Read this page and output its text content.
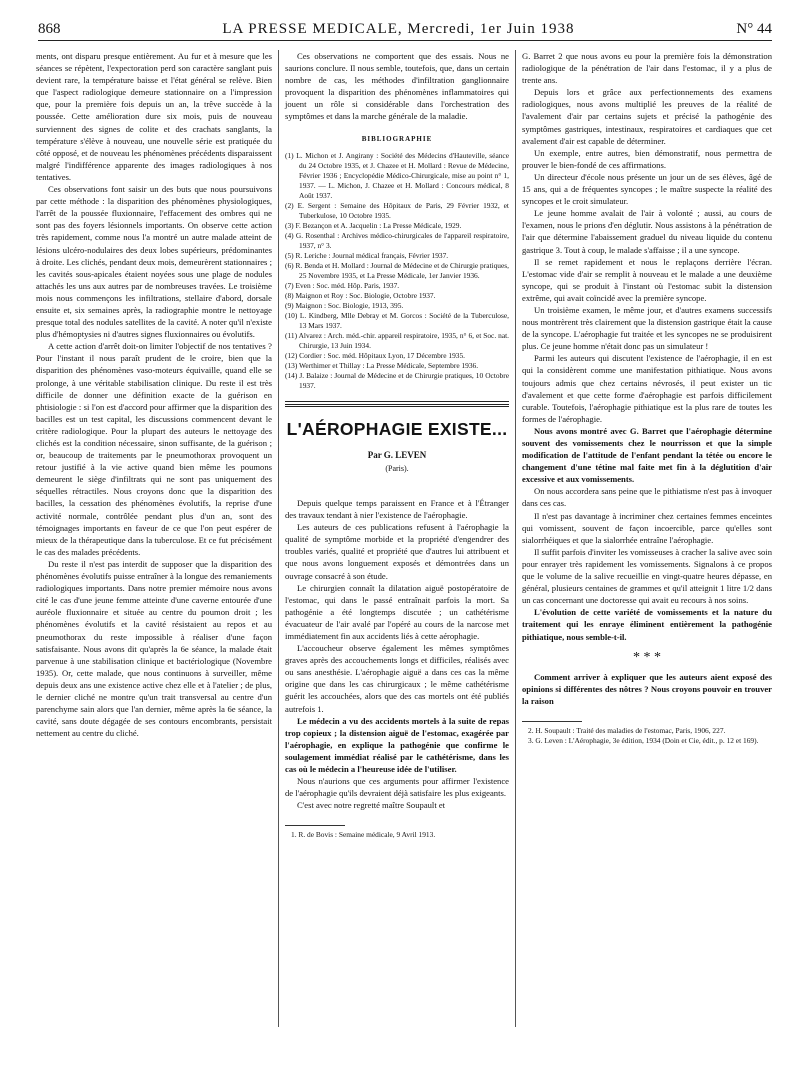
868	LA PRESSE MEDICALE, Mercredi, 1er Juin 1938	N° 44

ments, ont disparu presque entièrement. Au fur et à mesure que les séances se répètent, l'expectoration perd son caractère sanglant puis devient rare, la température baisse et l'état général se relève. Bien que l'aspect radiologique demeure stationnaire on a l'impression que, pour la première fois depuis un an, la trêve succède à la poussée. Cette amélioration dure six mois, puis de nouveau surviennent des signes de colite et des crachats sanglants, la température s'élève à nouveau, une nouvelle série est pratiquée du côté opposé, et de nouveau les phénomènes précédents disparaissent malgré l'indifférence apparente des images radiologiques à nos tentatives.

Ces observations font saisir un des buts que nous poursuivons par cette méthode : la disparition des phénomènes physiologiques, l'arrêt de la poussée fluxionnaire, l'effacement des ombres qui ne sont pas des foyers lésionnels importants. On observe cette action très rapidement, comme nous l'a montré un autre malade atteint de lésions ulcéro-nodulaires des deux lobes supérieurs, prédominantes à droite. Les clichés, pendant deux mois, demeurèrent stationnaires ; les cavités sous-apicales étaient noyées sous une plage de nodules attachés les uns aux autres par de nombreuses travées. Le troisième mois nous commençons les infiltrations, stellaire d'abord, dorsale ensuite et, six semaines après, la radiographie montre le nettoyage presque total des nodules satellites de la cavité. A noter qu'il n'existe plus d'hémoptysies ni d'autres signes fluxionnaires ou évolutifs.

A cette action d'arrêt doit-on limiter l'objectif de nos tentatives ? Pour l'instant il nous paraît prudent de le croire, bien que la disparition des phénomènes vaso-moteurs équivaille, quand elle se prolonge, à une véritable stabilisation clinique. Du reste il est très difficile de donner une définition exacte de la guérison en phtisiologie : si l'on est d'accord pour affirmer que la disparition des bacilles est un test capital, les discussions commencent devant le critère radiologique. Pour la plupart des auteurs le nettoyage des clichés est la condition nécessaire, sinon suffisante, de la guérison ; or, beaucoup de traitements par le pneumothorax provoquent un retour justifié à la vie active quand bien même les poumons demeurent le siège d'infiltrats qui ne sont pas uniquement des séquelles rétractiles. Nous croyons donc que la disparition des bacilles, la cessation des phénomènes évolutifs, la reprise d'une activité normale, contrôlée pendant plus d'un an, sont des témoignages importants en faveur de ce que l'on peut espérer de mieux de la thérapeutique dans la tuberculose. Et ce fut précisément le cas des malades précédents.

Du reste il n'est pas interdit de supposer que la disparition des phénomènes évolutifs puisse entraîner à la longue des remaniements radiologiques importants. Dans notre premier mémoire nous avons cité le cas d'une jeune femme atteinte d'une caverne entourée d'une auréole fluxionnaire et située au centre du poumon droit ; les phénomènes évolutifs et la cavité résistaient au repos et au pneumothorax du reste impossible à réaliser d'une façon satisfaisante. Nous avons dit qu'après la 6e séance, la malade était parvenue à une stabilisation clinique et bactériologique (Novembre 1935). Or, cette malade, que nous continuons à surveiller, même depuis deux ans une existence active chez elle et à l'atelier ; de plus, le dernier cliché ne montre qu'un trait transversal au centre d'un parenchyme sain alors que l'an dernier, même après la 6e séance, la cavité, sans doute dégagée de ses contours encombrants, persistait nettement au centre du cliché.

Ces observations ne comportent que des essais. Nous ne saurions conclure. Il nous semble, toutefois, que, dans un certain nombre de cas, les méthodes d'infiltration ganglionnaire provoquent la disparition des phénomènes inflammatoires qui jouent un rôle si considérable dans l'orchestration des symptômes et dans la marche générale de la maladie.

BIBLIOGRAPHIE
(1) L. Michon et J. Angirany : Société des Médecins d'Hauteville, séance du 24 Octobre 1935, et J. Chazee et H. Mollard : Revue de Médecine, Février 1936 ; Encyclopédie Médico-Chirurgicale, mise au point n° 1, 1937. — L. Michon, J. Chazee et H. Mollard : Concours médical, 8 Août 1937.
(2) E. Sergent : Semaine des Hôpitaux de Paris, 29 Février 1932, et Tuberkulose, 10 Octobre 1935.
(3) F. Bezançon et A. Jacquelin : La Presse Médicale, 1929.
(4) G. Rosenthal : Archives médico-chirurgicales de l'appareil respiratoire, 1937, n° 3.
(5) R. Leriche : Journal médical français, Février 1937.
(6) R. Benda et H. Mollard : Journal de Médecine et de Chirurgie pratiques, 25 Novembre 1935, et La Presse Médicale, 1er Janvier 1936.
(7) Even : Soc. méd. Hôp. Paris, 1937.
(8) Maignon et Roy : Soc. Biologie, Octobre 1937.
(9) Maignon : Soc. Biologie, 1913, 395.
(10) L. Kindberg, Mlle Debray et M. Gorcos : Société de la Tuberculose, 13 Mars 1937.
(11) Alvarez : Arch. méd.-chir. appareil respiratoire, 1935, n° 6, et Soc. nat. Chirurgie, 13 Juin 1934.
(12) Cordier : Soc. méd. Hôpitaux Lyon, 17 Décembre 1935.
(13) Werthimer et Thillay : La Presse Médicale, Septembre 1936.
(14) J. Balaize : Journal de Médecine et de Chirurgie pratiques, 10 Octobre 1937.
L'AÉROPHAGIE EXISTE...
Par G. LEVEN
(Paris).

Depuis quelque temps paraissent en France et à l'Étranger des travaux tendant à nier l'existence de l'aérophagie.

Les auteurs de ces publications refusent à l'aérophagie la qualité de symptôme morbide et la propriété d'engendrer des troubles variés, qualité et propriété que d'autres lui attribuent et que nous avons longuement exposés et démontrées dans un ouvrage consacré à son étude.

Le chirurgien connaît la dilatation aiguë postopératoire de l'estomac, qui dans le passé entraînait parfois la mort. Sa pathogénie a été longtemps discutée ; un cathétérisme évacuateur de l'air avalé par l'opéré au cours de la narcose met immédiatement fin aux accidents liés à cette aérophagie.

L'accoucheur observe également les mêmes symptômes graves après des accouchements longs et difficiles, réalisés avec ou sans anesthésie. L'aérophagie aiguë a dans ces cas la même origine que dans les cas chirurgicaux ; le même cathétérisme guérit les accouchées, alors que des cas mortels ont été publiés autrefois 1.

Le médecin a vu des accidents mortels à la suite de repas trop copieux ; la distension aiguë de l'estomac, exagérée par l'aérophagie, en explique la pathogénie que confirme le soulagement immédiat réalisé par le cathétérisme, dans les cas où le médecin a l'heureuse idée de l'utiliser.

Nous n'aurions que ces arguments pour affirmer l'existence de l'aérophagie qu'ils devraient déjà satisfaire les plus exigeants.

C'est avec notre regretté maître Soupault et

1. R. de Bovis : Semaine médicale, 9 Avril 1913.

G. Barret 2 que nous avons eu pour la première fois la démonstration radiologique de la pénétration de l'air dans l'estomac, il y a plus de trente ans.

Depuis lors et grâce aux perfectionnements des examens radiologiques, nous avons multiplié les preuves de la réalité de l'avalement d'air par certains sujets et précisé la pathogénie des symptômes gastriques, intestinaux, respiratoires et cardiaques que cet avalement d'air est capable de déterminer.

Un exemple, entre autres, bien démonstratif, nous permettra de prouver le bien-fondé de ces affirmations.

Un directeur d'école nous présente un jour un de ses élèves, âgé de 15 ans, qui a de fréquentes syncopes ; le maître suspecte la réalité des syncopes et le croit simulateur.

Le jeune homme avalait de l'air à volonté ; aussi, au cours de l'examen, nous le prions d'en déglutir. Nous assistons à la pénétration de l'air que détermine l'abaissement graduel du niveau liquide du contenu gastrique 3. Tout à coup, le malade s'affaisse ; il a une syncope.

Il se remet rapidement et nous le replaçons derrière l'écran. L'estomac vide d'air se remplit à nouveau et le malade a une deuxième syncope, qui se produit à l'instant où l'estomac subit la distension extrême, qui avait coïncidé avec la première syncope.

Un troisième examen, le même jour, et d'autres examens successifs nous montrèrent très clairement que la distension gastrique était la cause de la syncope. L'aérophagie fut traitée et les syncopes ne se produisirent plus. Ce jeune homme n'était donc pas un simulateur !

Parmi les auteurs qui discutent l'existence de l'aérophagie, il en est qui la considèrent comme une manifestation pithiatique. Nous avons toujours admis que chez certains névrosés, il peut exister un tic d'avalement et que cette forme d'aérophagie est parfois difficilement curable. Toutefois, l'aérophagie pithiatique est la plus rare de toutes les formes de l'aérophagie.

Nous avons montré avec G. Barret que l'aérophagie détermine souvent des vomissements chez le nourrisson et que la simple modification de l'attitude de l'enfant pendant la tétée ou encore le changement d'une tétine mal faite met fin à la déglutition d'air excessive et aux vomissements.

On nous accordera sans peine que le pithiatisme n'est pas à invoquer dans ces cas.

Il n'est pas davantage à incriminer chez certaines femmes enceintes qui vomissent, souvent de façon incoercible, parce qu'elles sont sialorrhéiques et que la sialorrhée entraîne l'aérophagie.

Il suffit parfois d'inviter les vomisseuses à cracher la salive avec soin pour enrayer très rapidement les vomissements. Signalons à ce propos que le volume de la salive recueillie en vingt-quatre heures dépasse, en général, plusieurs centaines de grammes et qu'il atteignit 1 litre 1/2 dans un cas concernant une doctoresse qui avait eu recours à nos soins.

L'évolution de cette variété de vomissements et la nature du traitement qui les enraye éliminent entièrement la pathogénie pithiatique, nous semble-t-il.

* * *

Comment arriver à expliquer que les auteurs aient exposé des opinions si différentes des nôtres ? Nous croyons pouvoir en trouver la raison

2. H. Soupault : Traité des maladies de l'estomac, Paris, 1906, 227.

3. G. Leven : L'Aérophagie, 3e édition, 1934 (Doin et Cie, édit., p. 12 et 169).
